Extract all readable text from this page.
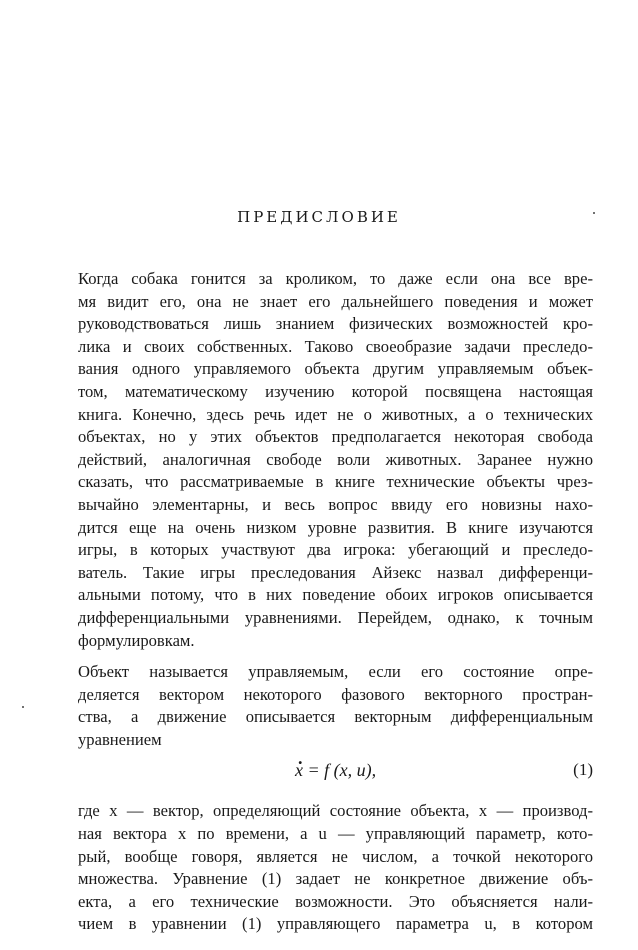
ПРЕДИСЛОВИЕ
Когда собака гонится за кроликом, то даже если она все вре-
мя видит его, она не знает его дальнейшего поведения и может
руководствоваться лишь знанием физических возможностей кро-
лика и своих собственных. Таково своеобразие задачи преследо-
вания одного управляемого объекта другим управляемым объек-
том, математическому изучению которой посвящена настоящая
книга. Конечно, здесь речь идет не о животных, а о технических
объектах, но у этих объектов предполагается некоторая свобода
действий, аналогичная свободе воли животных. Заранее нужно
сказать, что рассматриваемые в книге технические объекты чрез-
вычайно элементарны, и весь вопрос ввиду его новизны нахо-
дится еще на очень низком уровне развития. В книге изучаются
игры, в которых участвуют два игрока: убегающий и преследо-
ватель. Такие игры преследования Айзекс назвал дифференци-
альными потому, что в них поведение обоих игроков описывается
дифференциальными уравнениями. Перейдем, однако, к точным
формулировкам.
Объект называется управляемым, если его состояние опре-
деляется вектором некоторого фазового векторного простран-
ства, а движение описывается векторным дифференциальным
уравнением
. x = f (x, u),	(1)
где x — вектор, определяющий состояние объекта, x — производ-
ная вектора x по времени, а u — управляющий параметр, кото-
рый, вообще говоря, является не числом, а точкой некоторого
множества. Уравнение (1) задает не конкретное движение объ-
екта, а его технические возможности. Это объясняется нали-
чием в уравнении (1) управляющего параметра u, в котором
